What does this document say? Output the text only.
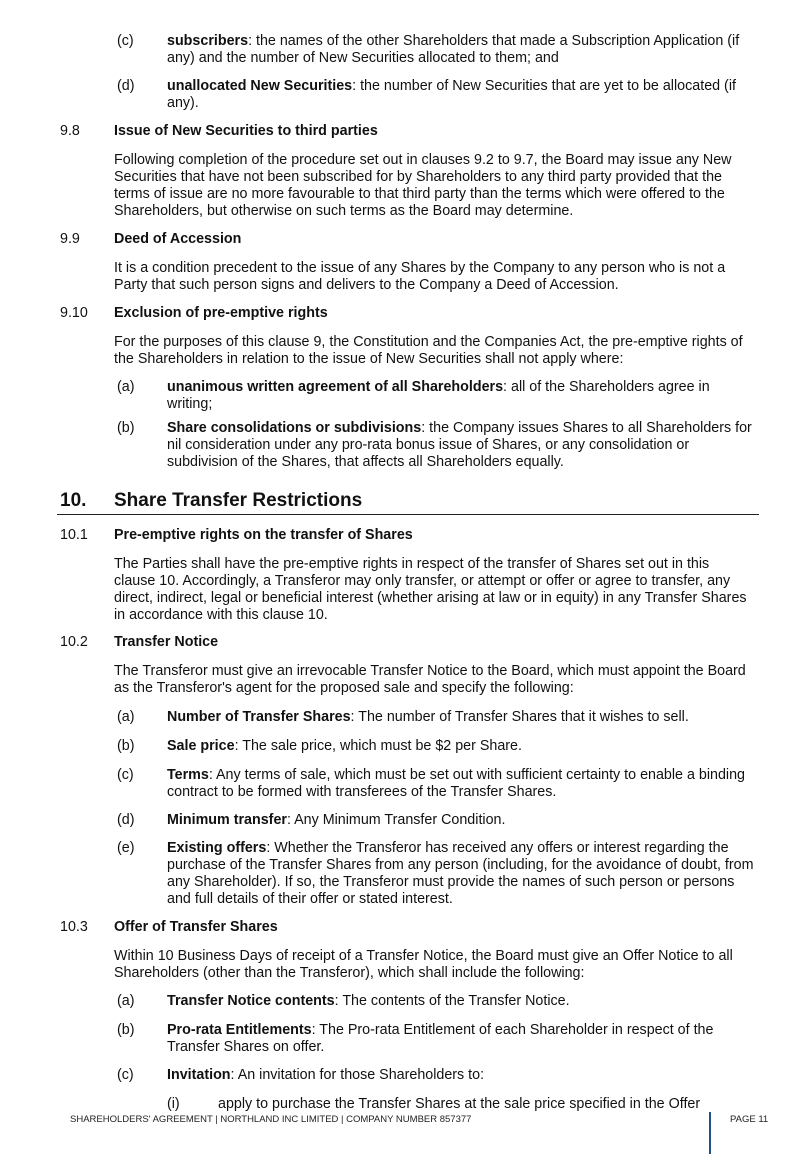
(c) subscribers: the names of the other Shareholders that made a Subscription Application (if any) and the number of New Securities allocated to them; and
(d) unallocated New Securities: the number of New Securities that are yet to be allocated (if any).
9.8 Issue of New Securities to third parties
Following completion of the procedure set out in clauses 9.2 to 9.7, the Board may issue any New Securities that have not been subscribed for by Shareholders to any third party provided that the terms of issue are no more favourable to that third party than the terms which were offered to the Shareholders, but otherwise on such terms as the Board may determine.
9.9 Deed of Accession
It is a condition precedent to the issue of any Shares by the Company to any person who is not a Party that such person signs and delivers to the Company a Deed of Accession.
9.10 Exclusion of pre-emptive rights
For the purposes of this clause 9, the Constitution and the Companies Act, the pre-emptive rights of the Shareholders in relation to the issue of New Securities shall not apply where:
(a) unanimous written agreement of all Shareholders: all of the Shareholders agree in writing;
(b) Share consolidations or subdivisions: the Company issues Shares to all Shareholders for nil consideration under any pro-rata bonus issue of Shares, or any consolidation or subdivision of the Shares, that affects all Shareholders equally.
10. Share Transfer Restrictions
10.1 Pre-emptive rights on the transfer of Shares
The Parties shall have the pre-emptive rights in respect of the transfer of Shares set out in this clause 10. Accordingly, a Transferor may only transfer, or attempt or offer or agree to transfer, any direct, indirect, legal or beneficial interest (whether arising at law or in equity) in any Transfer Shares in accordance with this clause 10.
10.2 Transfer Notice
The Transferor must give an irrevocable Transfer Notice to the Board, which must appoint the Board as the Transferor's agent for the proposed sale and specify the following:
(a) Number of Transfer Shares: The number of Transfer Shares that it wishes to sell.
(b) Sale price: The sale price, which must be $2 per Share.
(c) Terms: Any terms of sale, which must be set out with sufficient certainty to enable a binding contract to be formed with transferees of the Transfer Shares.
(d) Minimum transfer: Any Minimum Transfer Condition.
(e) Existing offers: Whether the Transferor has received any offers or interest regarding the purchase of the Transfer Shares from any person (including, for the avoidance of doubt, from any Shareholder). If so, the Transferor must provide the names of such person or persons and full details of their offer or stated interest.
10.3 Offer of Transfer Shares
Within 10 Business Days of receipt of a Transfer Notice, the Board must give an Offer Notice to all Shareholders (other than the Transferor), which shall include the following:
(a) Transfer Notice contents: The contents of the Transfer Notice.
(b) Pro-rata Entitlements: The Pro-rata Entitlement of each Shareholder in respect of the Transfer Shares on offer.
(c) Invitation: An invitation for those Shareholders to:
(i)	apply to purchase the Transfer Shares at the sale price specified in the Offer
SHAREHOLDERS' AGREEMENT | NORTHLAND INC LIMITED | COMPANY NUMBER 857377	PAGE 11
